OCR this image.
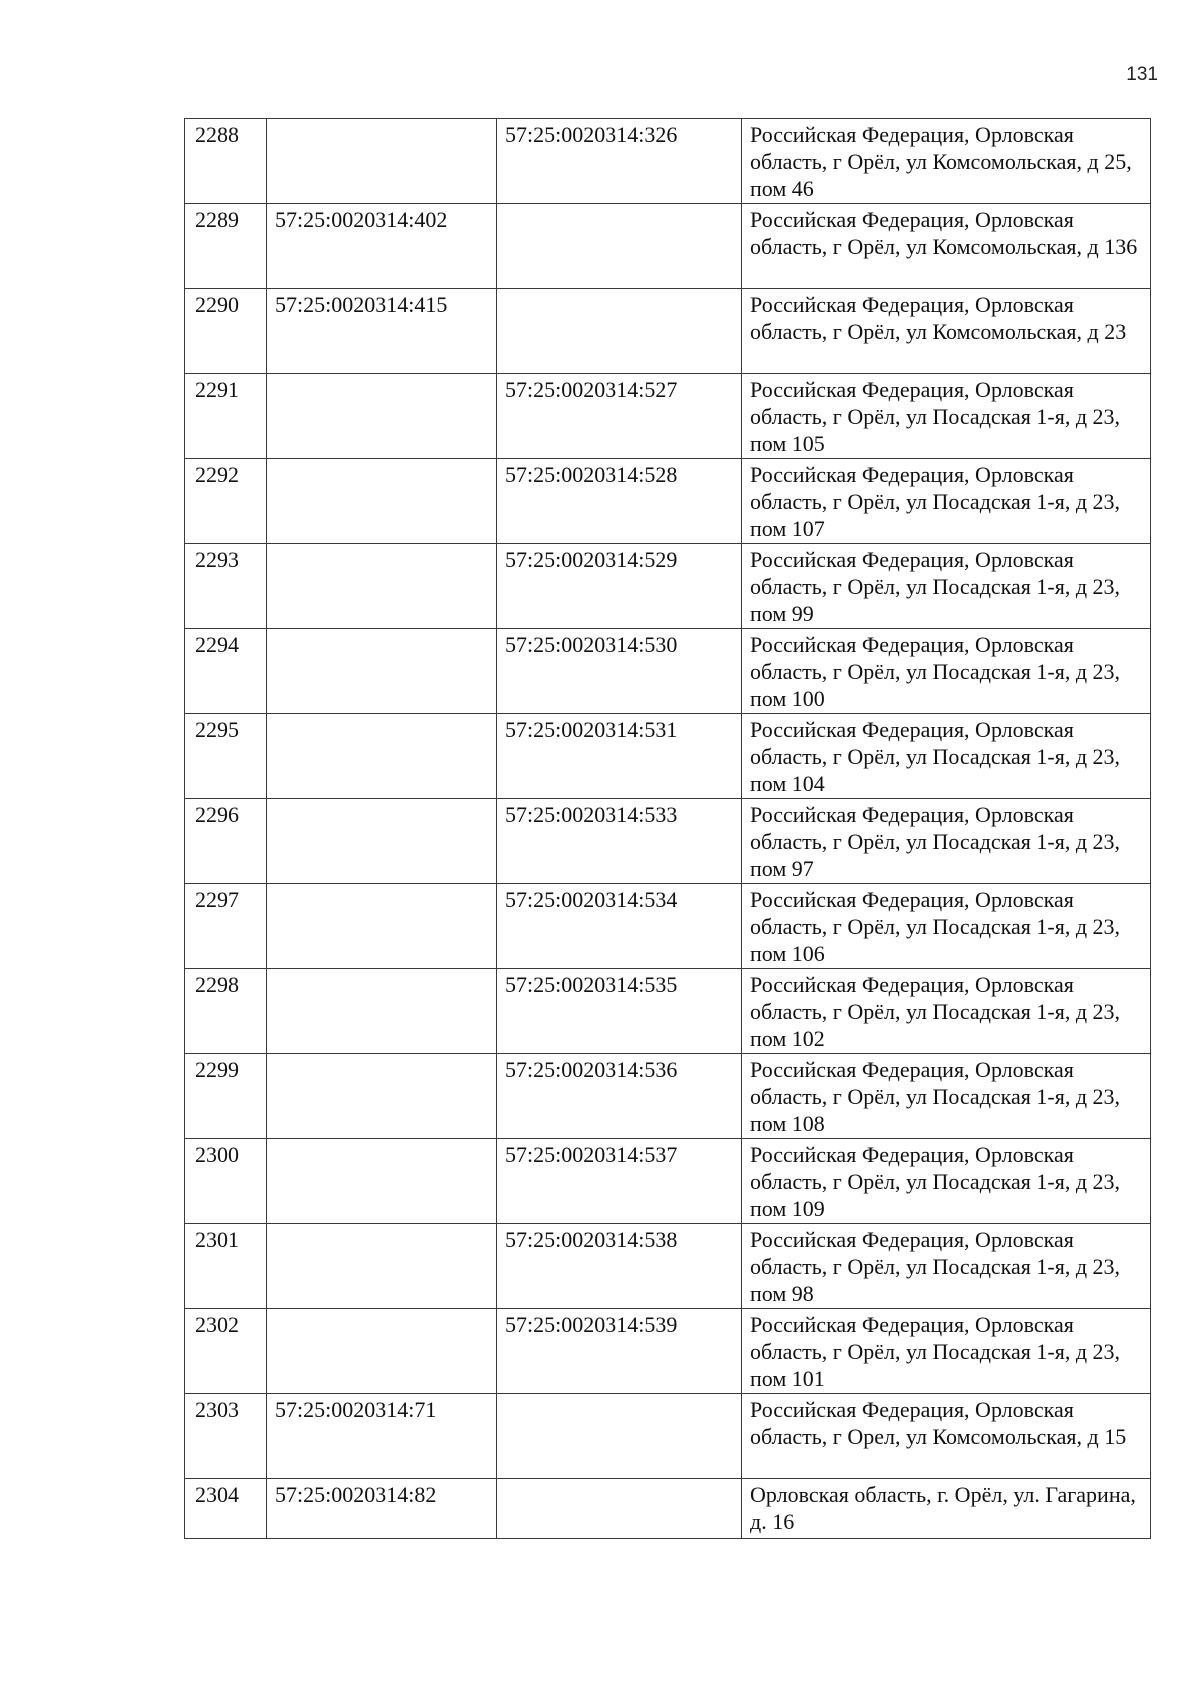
131
2288		57:25:0020314:326	Российская Федерация, Орловская область, г Орёл, ул Комсомольская, д 25, пом 46
2289	57:25:0020314:402		Российская Федерация, Орловская область, г Орёл, ул Комсомольская, д 136
2290	57:25:0020314:415		Российская Федерация, Орловская область, г Орёл, ул Комсомольская, д 23
2291		57:25:0020314:527	Российская Федерация, Орловская область, г Орёл, ул Посадская 1-я, д 23, пом 105
2292		57:25:0020314:528	Российская Федерация, Орловская область, г Орёл, ул Посадская 1-я, д 23, пом 107
2293		57:25:0020314:529	Российская Федерация, Орловская область, г Орёл, ул Посадская 1-я, д 23, пом 99
2294		57:25:0020314:530	Российская Федерация, Орловская область, г Орёл, ул Посадская 1-я, д 23, пом 100
2295		57:25:0020314:531	Российская Федерация, Орловская область, г Орёл, ул Посадская 1-я, д 23, пом 104
2296		57:25:0020314:533	Российская Федерация, Орловская область, г Орёл, ул Посадская 1-я, д 23, пом 97
2297		57:25:0020314:534	Российская Федерация, Орловская область, г Орёл, ул Посадская 1-я, д 23, пом 106
2298		57:25:0020314:535	Российская Федерация, Орловская область, г Орёл, ул Посадская 1-я, д 23, пом 102
2299		57:25:0020314:536	Российская Федерация, Орловская область, г Орёл, ул Посадская 1-я, д 23, пом 108
2300		57:25:0020314:537	Российская Федерация, Орловская область, г Орёл, ул Посадская 1-я, д 23, пом 109
2301		57:25:0020314:538	Российская Федерация, Орловская область, г Орёл, ул Посадская 1-я, д 23, пом 98
2302		57:25:0020314:539	Российская Федерация, Орловская область, г Орёл, ул Посадская 1-я, д 23, пом 101
2303	57:25:0020314:71		Российская Федерация, Орловская область, г Орел, ул Комсомольская, д 15
2304	57:25:0020314:82		Орловская область, г. Орёл, ул. Гагарина, д. 16
